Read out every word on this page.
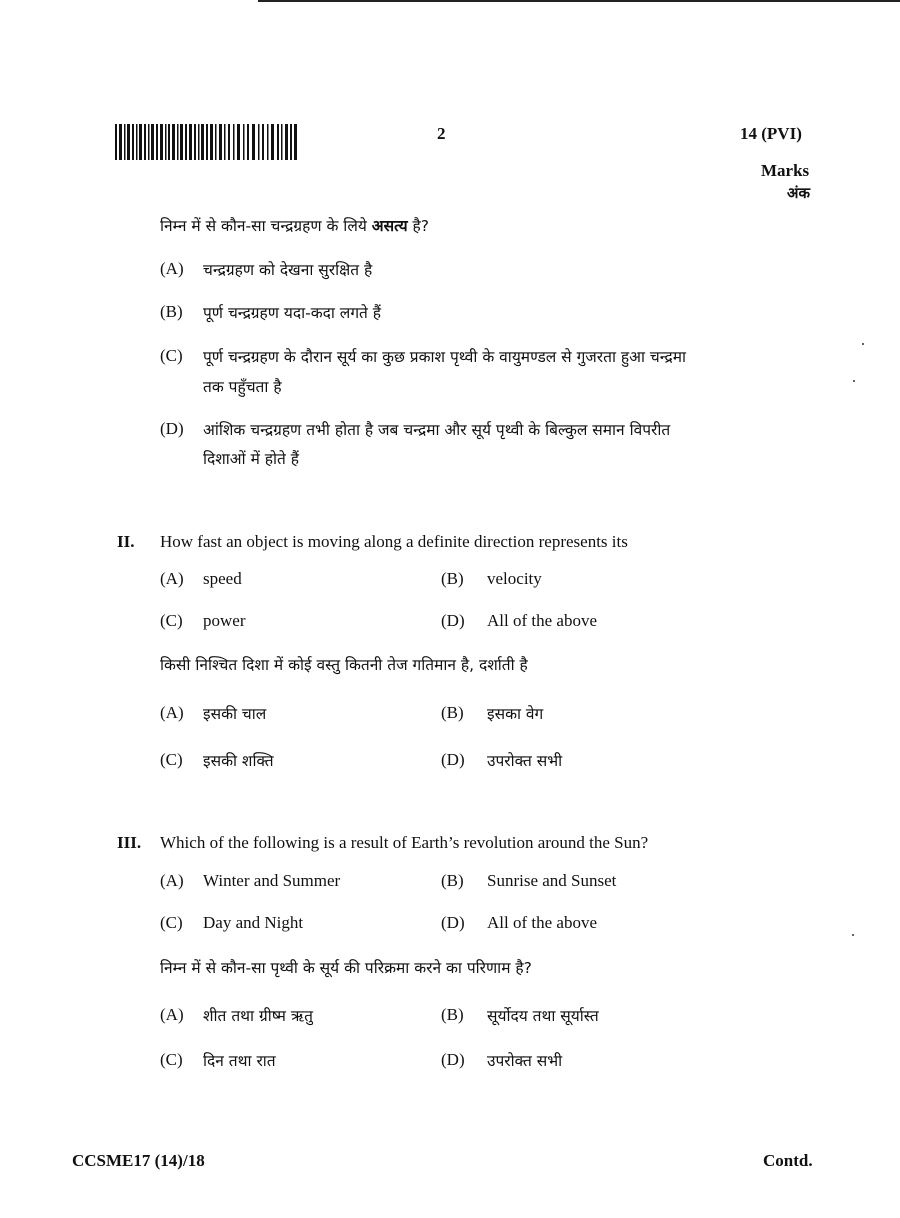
2	14 (PVI)
Marks
अंक
निम्न में से कौन-सा चन्द्रग्रहण के लिये असत्य है?
(A) चन्द्रग्रहण को देखना सुरक्षित है
(B) पूर्ण चन्द्रग्रहण यदा-कदा लगते हैं
(C) पूर्ण चन्द्रग्रहण के दौरान सूर्य का कुछ प्रकाश पृथ्वी के वायुमण्डल से गुजरता हुआ चन्द्रमा
तक पहुँचता है
(D) आंशिक चन्द्रग्रहण तभी होता है जब चन्द्रमा और सूर्य पृथ्वी के बिल्कुल समान विपरीत
दिशाओं में होते हैं
II. How fast an object is moving along a definite direction represents its
(A) speed	(B) velocity
(C) power	(D) All of the above
किसी निश्चित दिशा में कोई वस्तु कितनी तेज गतिमान है, दर्शाती है
(A) इसकी चाल	(B) इसका वेग
(C) इसकी शक्ति	(D) उपरोक्त सभी
III. Which of the following is a result of Earth’s revolution around the Sun?
(A) Winter and Summer	(B) Sunrise and Sunset
(C) Day and Night	(D) All of the above
निम्न में से कौन-सा पृथ्वी के सूर्य की परिक्रमा करने का परिणाम है?
(A) शीत तथा ग्रीष्म ऋतु	(B) सूर्योदय तथा सूर्यास्त
(C) दिन तथा रात	(D) उपरोक्त सभी
CCSME17 (14)/18	Contd.
